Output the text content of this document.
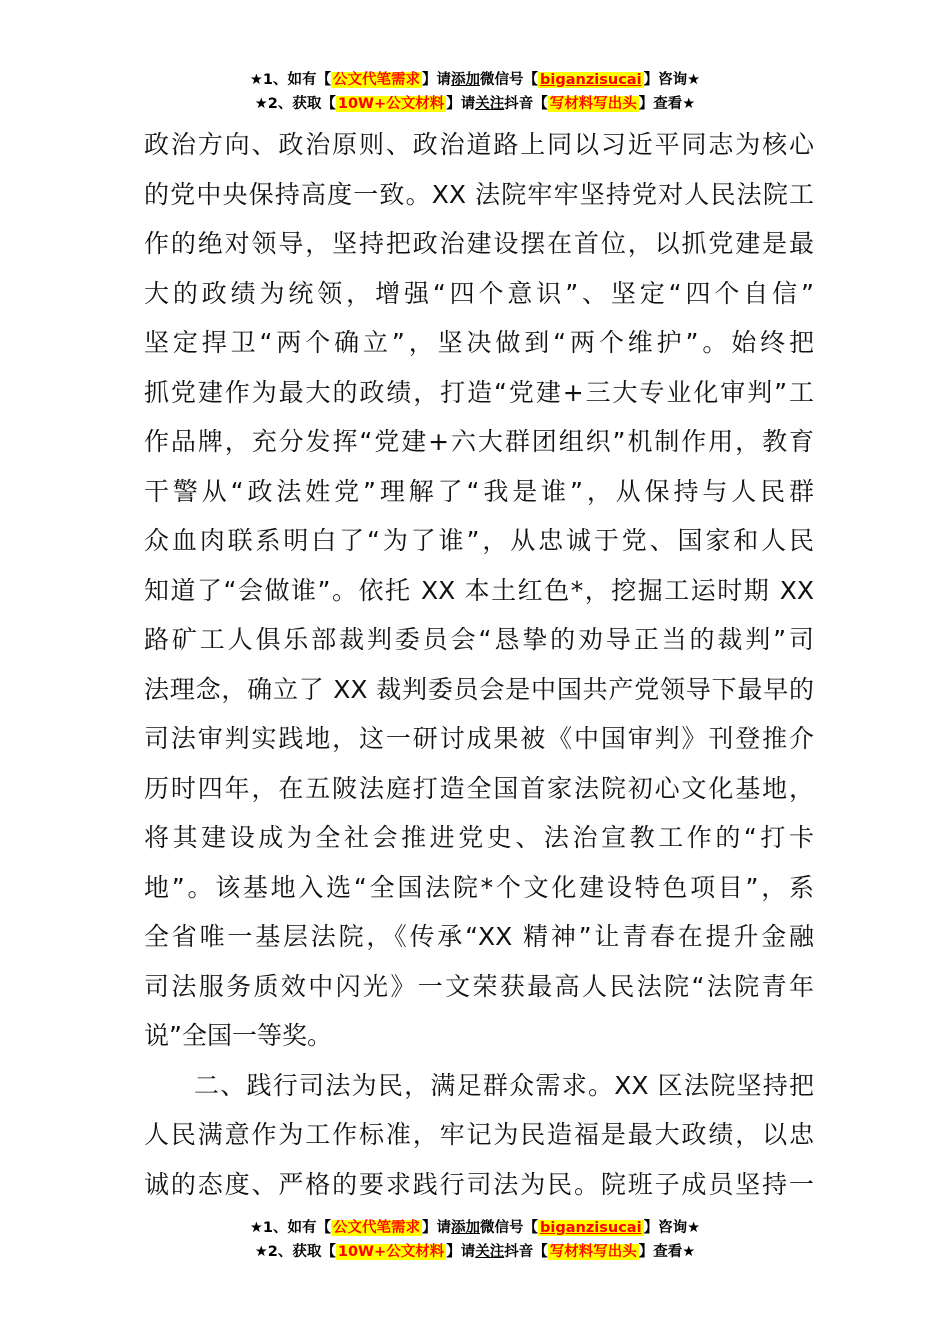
★1、如有【 公文代笔需求 】请添加微信号【 biganzisucai 】咨询★
★2、获取【 10W+公文材料 】请关注抖音【 写材料写出头 】查看★

政治方向、政治原则、政治道路上同以习近平同志为核心
的党中央保持高度一致。XX 法院牢牢坚持党对人民法院工
作的绝对领导，坚持把政治建设摆在首位，以抓党建是最
大的政绩为统领，增强“四个意识”、坚定“四个自信”
坚定捍卫“两个确立”，坚决做到“两个维护”。始终把
抓党建作为最大的政绩，打造“党建+三大专业化审判”工
作品牌，充分发挥“党建+六大群团组织”机制作用，教育
干警从“政法姓党”理解了“我是谁”，从保持与人民群
众血肉联系明白了“为了谁”，从忠诚于党、国家和人民
知道了“会做谁”。依托 XX 本土红色*，挖掘工运时期 XX
路矿工人俱乐部裁判委员会“恳挚的劝导正当的裁判”司
法理念，确立了 XX 裁判委员会是中国共产党领导下最早的
司法审判实践地，这一研讨成果被《中国审判》刊登推介
历时四年，在五陂法庭打造全国首家法院初心文化基地，
将其建设成为全社会推进党史、法治宣教工作的“打卡
地”。该基地入选“全国法院*个文化建设特色项目”，系
全省唯一基层法院，《传承“XX 精神”让青春在提升金融
司法服务质效中闪光》一文荣获最高人民法院“法院青年
说”全国一等奖。

二、践行司法为民，满足群众需求。XX 区法院坚持把
人民满意作为工作标准，牢记为民造福是最大政绩，以忠
诚的态度、严格的要求践行司法为民。院班子成员坚持一

★1、如有【 公文代笔需求 】请添加微信号【 biganzisucai 】咨询★
★2、获取【 10W+公文材料 】请关注抖音【 写材料写出头 】查看★
